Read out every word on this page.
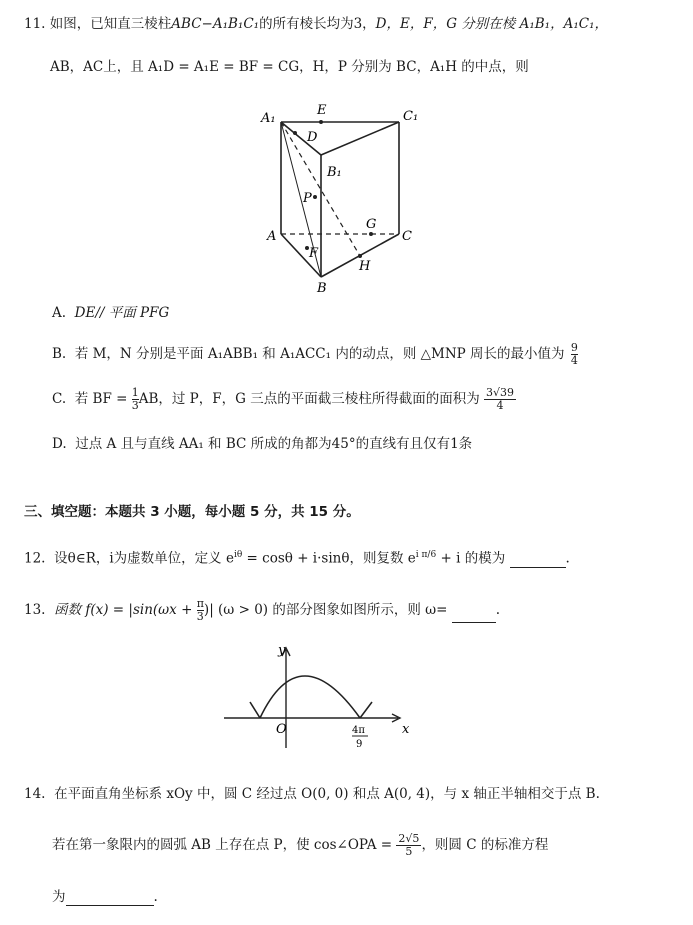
11. 如图，已知直三棱柱ABC−A₁B₁C₁的所有棱长均为3，D，E，F，G 分别在棱 A₁B₁，A₁C₁，
AB，AC上，且 A₁D = A₁E = BF = CG，H，P 分别为 BC，A₁H 的中点，则
A₁
E	C₁
D
B₁
P
G
A	C
F
H
B
A. DE// 平面 PFG
B. 若 M，N 分别是平面 A₁ABB₁ 和 A₁ACC₁ 内的动点，则 △MNP 周长的最小值为 $\frac{9}{4}$
C. 若 BF = $\frac{1}{3}$ AB，过 P，F，G 三点的平面截三棱柱所得截面的面积为 $\frac{3√39}{4}$
D. 过点 A 且与直线 AA₁ 和 BC 所成的角都为45°的直线有且仅有1条
三、填空题：本题共 3 小题，每小题 5 分，共 15 分。
12. 设θ∈R，i为虚数单位，定义 $e^{i\theta} = \cos\theta + i\cdot\sin\theta$，则复数 $e^{i \pi/6} + i$ 的模为	.
13. 函数 $f(x) = |\sin(\omega x + \frac{\pi}{3}$ )| (ω > 0) 的部分图象如图所示，则 ω=	.
y
x
O	4π
9
14. 在平面直角坐标系 xOy 中，圆 C 经过点 O(0, 0) 和点 A(0, 4)，与 x 轴正半轴相交于点 B.
若在第一象限内的圆弧 AB 上存在点 P，使 cos∠OPA = $\frac{2√5}{5}$ ，则圆 C 的标准方程
为	.
